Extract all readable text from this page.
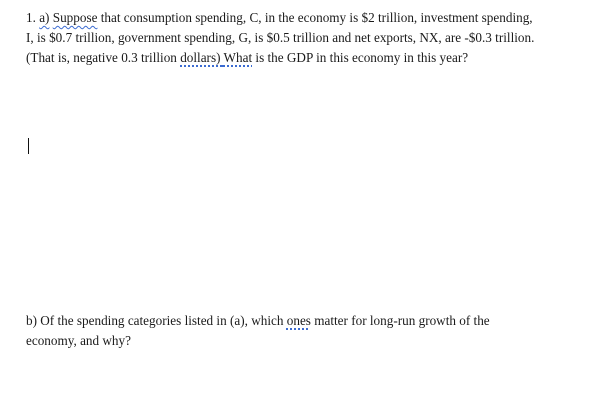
1. a) Suppose that consumption spending, C, in the economy is $2 trillion, investment spending,
I, is $0.7 trillion, government spending, G, is $0.5 trillion and net exports, NX, are -$0.3 trillion.
(That is, negative 0.3 trillion dollars) What is the GDP in this economy in this year?

b) Of the spending categories listed in (a), which ones matter for long-run growth of the
economy, and why?
